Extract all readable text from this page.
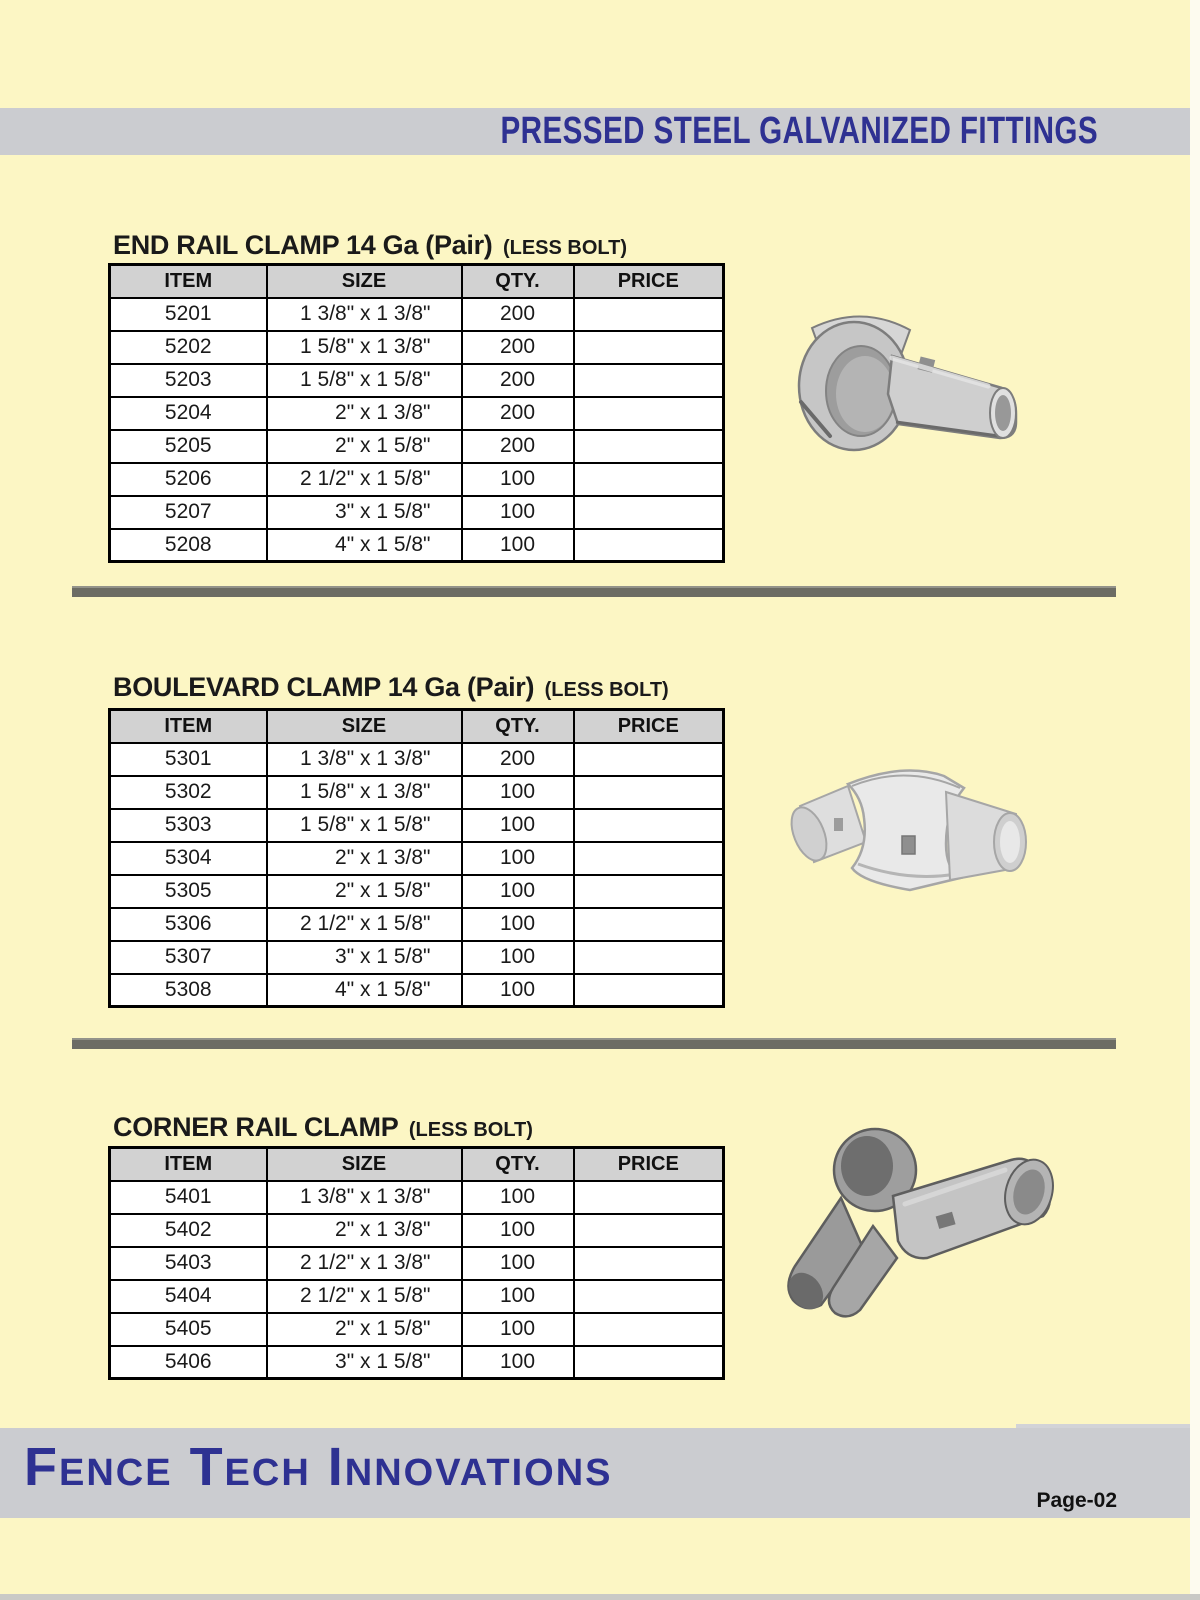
PRESSED STEEL GALVANIZED FITTINGS
END RAIL CLAMP 14 Ga (Pair) (LESS BOLT)
ITEM	SIZE	QTY.	PRICE
5201	1 3/8" x 1 3/8"	200	
5202	1 5/8" x 1 3/8"	200	
5203	1 5/8" x 1 5/8"	200	
5204	2" x 1 3/8"	200	
5205	2" x 1 5/8"	200	
5206	2 1/2" x 1 5/8"	100	
5207	3" x 1 5/8"	100	
5208	4" x 1 5/8"	100	
BOULEVARD CLAMP 14 Ga (Pair) (LESS BOLT)
ITEM	SIZE	QTY.	PRICE
5301	1 3/8" x 1 3/8"	200	
5302	1 5/8" x 1 3/8"	100	
5303	1 5/8" x 1 5/8"	100	
5304	2" x 1 3/8"	100	
5305	2" x 1 5/8"	100	
5306	2 1/2" x 1 5/8"	100	
5307	3" x 1 5/8"	100	
5308	4" x 1 5/8"	100	
CORNER RAIL CLAMP (LESS BOLT)
ITEM	SIZE	QTY.	PRICE
5401	1 3/8" x 1 3/8"	100	
5402	2" x 1 3/8"	100	
5403	2 1/2" x 1 3/8"	100	
5404	2 1/2" x 1 5/8"	100	
5405	2" x 1 5/8"	100	
5406	3" x 1 5/8"	100	
Fence Tech Innovations
Page-02
